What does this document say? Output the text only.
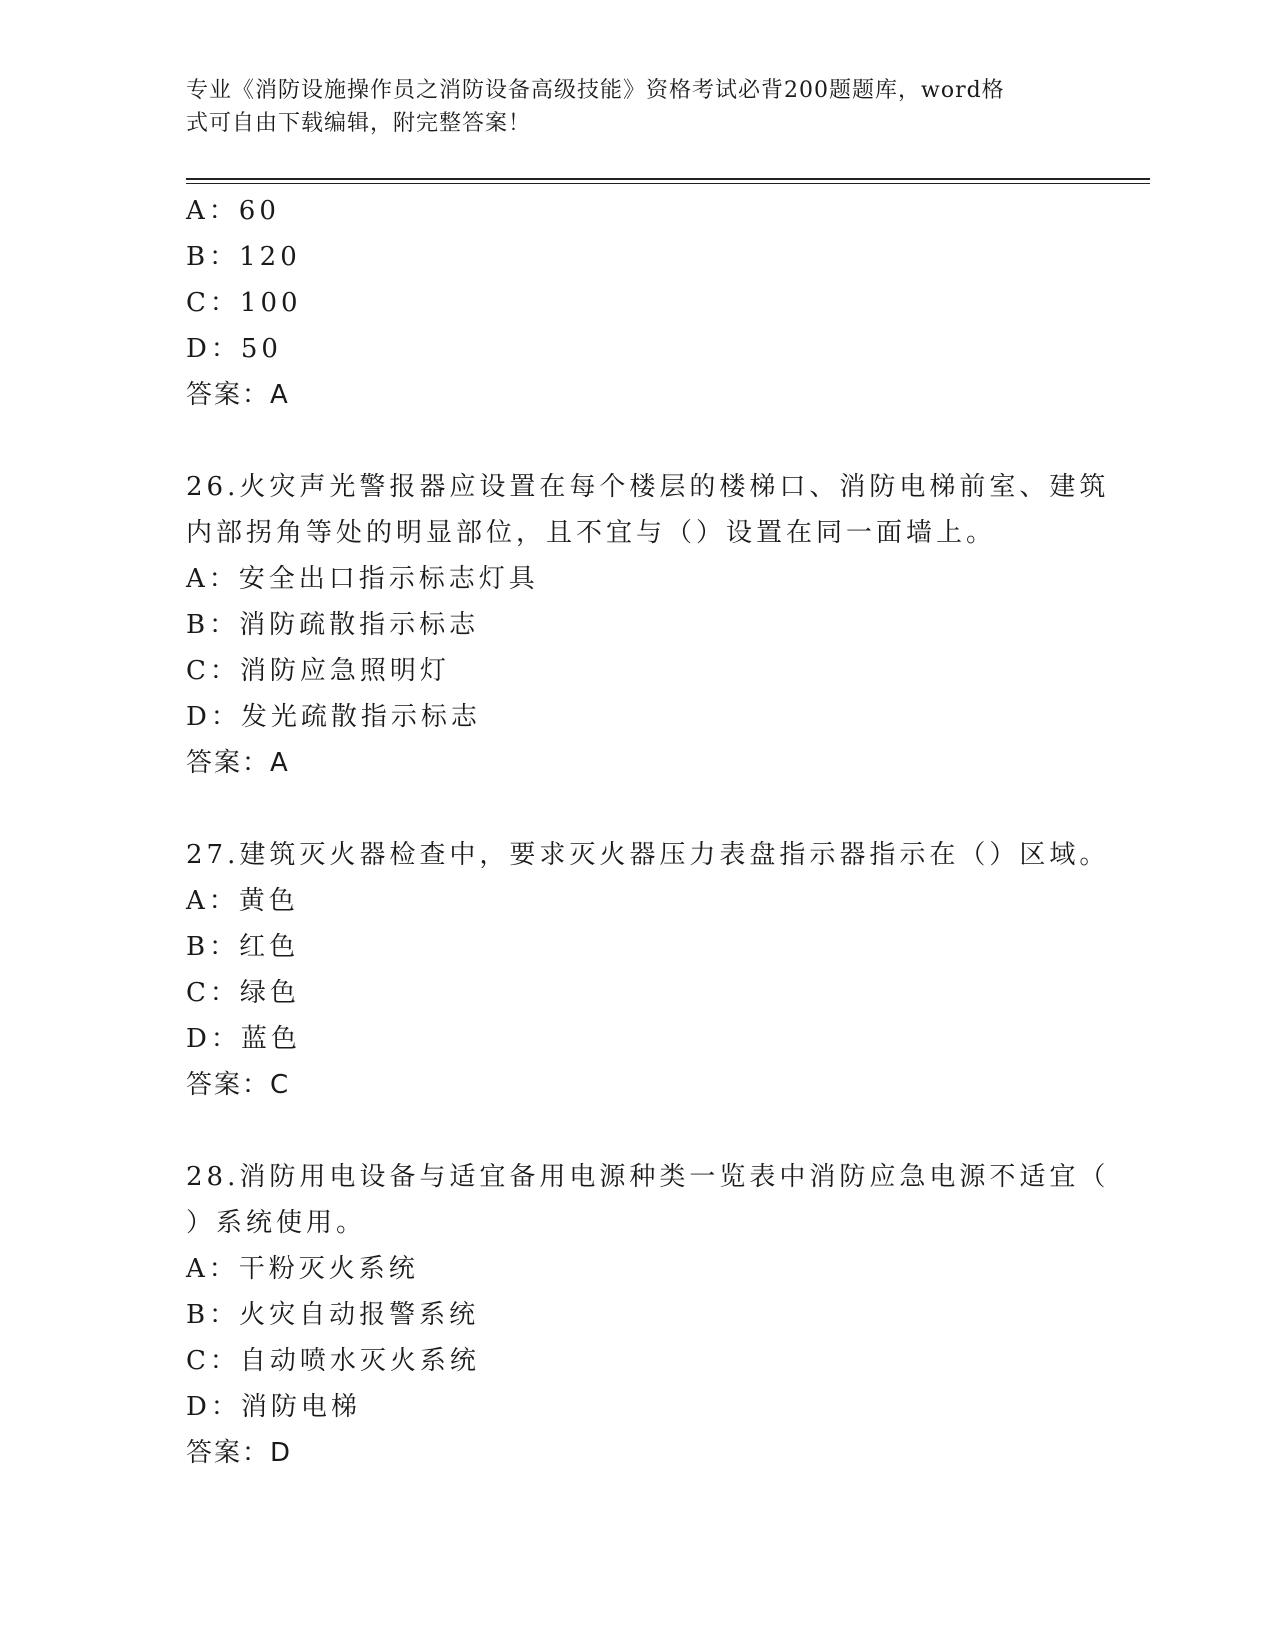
专业《消防设施操作员之消防设备高级技能》资格考试必背200题题库，word格
式可自由下载编辑，附完整答案！
A：60
B：120
C：100
D：50
答案：A
26.火灾声光警报器应设置在每个楼层的楼梯口、消防电梯前室、建筑
内部拐角等处的明显部位，且不宜与（）设置在同一面墙上。
A：安全出口指示标志灯具
B：消防疏散指示标志
C：消防应急照明灯
D：发光疏散指示标志
答案：A
27.建筑灭火器检查中，要求灭火器压力表盘指示器指示在（）区域。
A：黄色
B：红色
C：绿色
D：蓝色
答案：C
28.消防用电设备与适宜备用电源种类一览表中消防应急电源不适宜（
）系统使用。
A：干粉灭火系统
B：火灾自动报警系统
C：自动喷水灭火系统
D：消防电梯
答案：D
